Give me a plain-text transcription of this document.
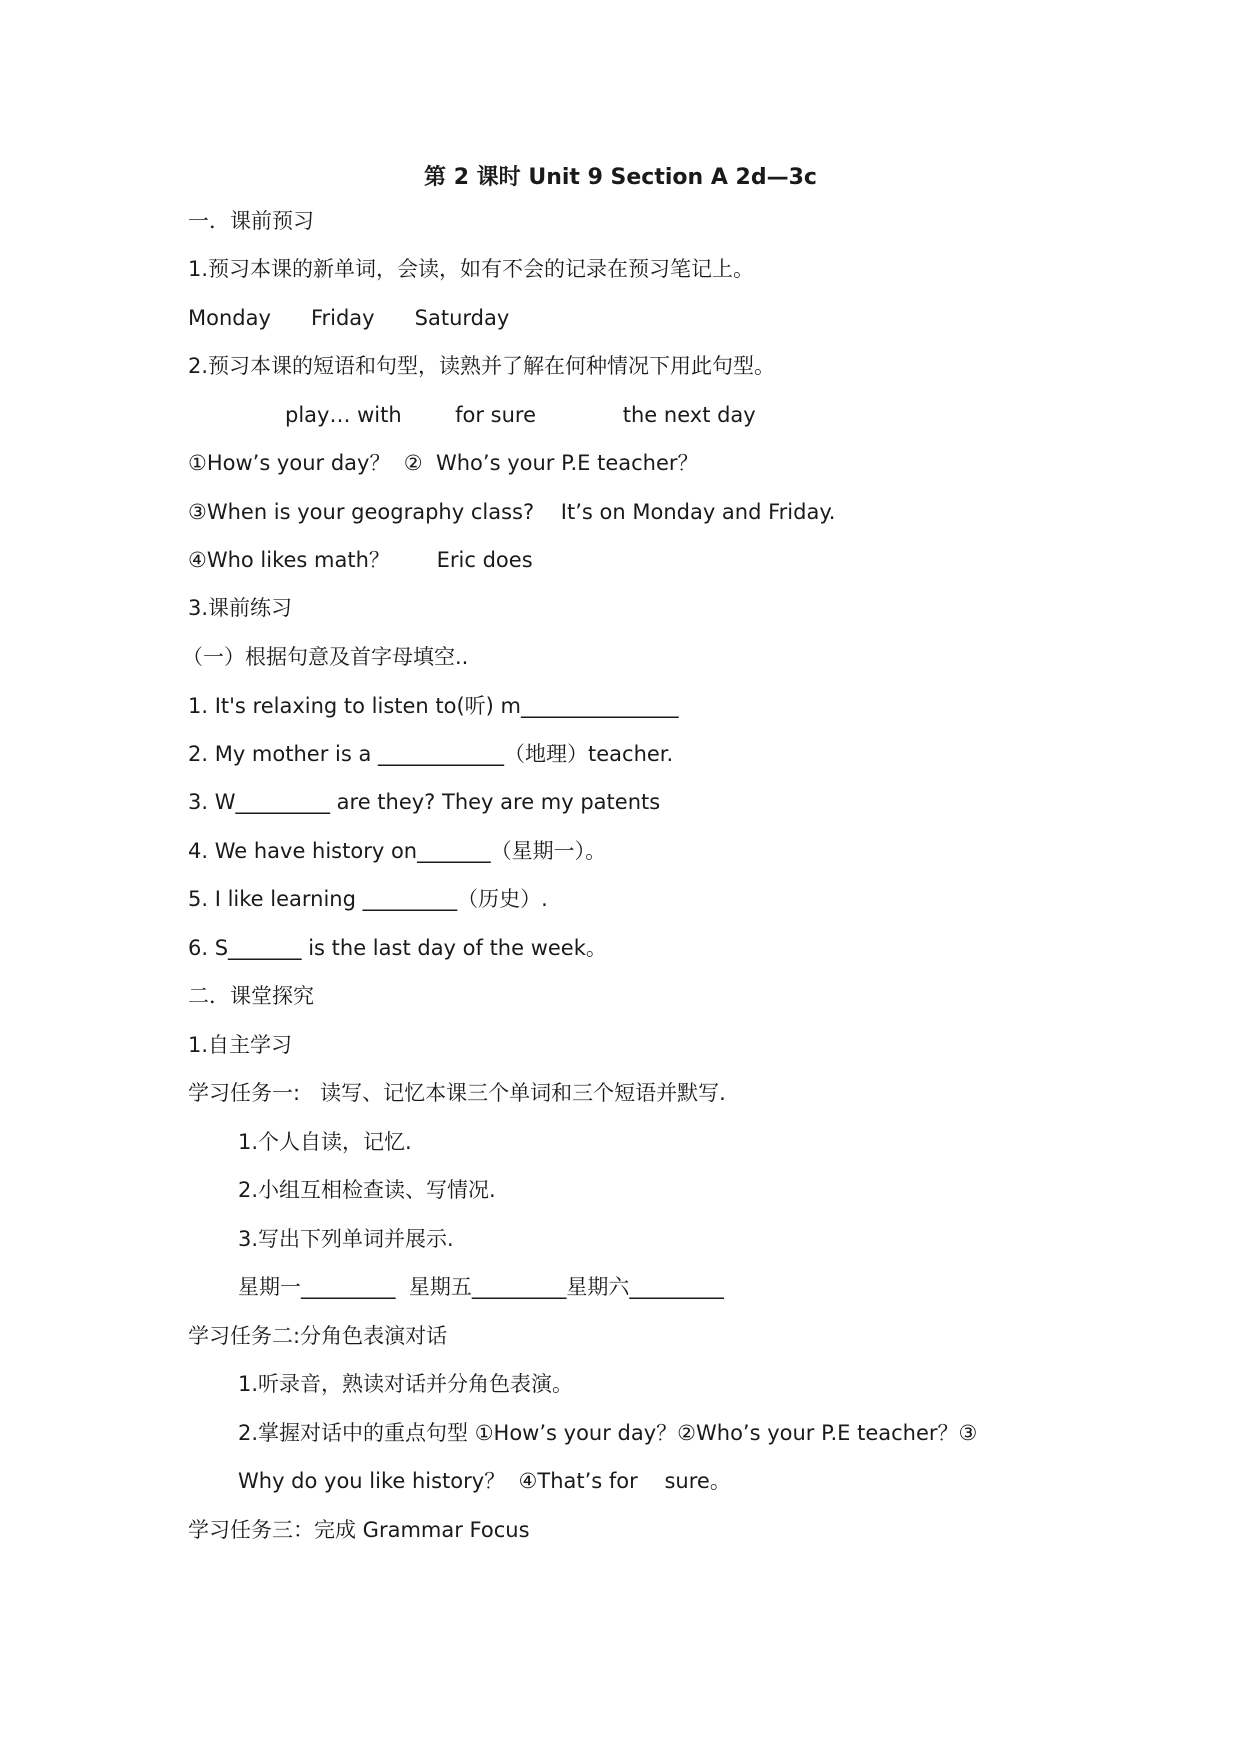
第 2 课时 Unit 9 Section A 2d—3c
一．课前预习
1.预习本课的新单词，会读，如有不会的记录在预习笔记上。
Monday      Friday      Saturday
2.预习本课的短语和句型，读熟并了解在何种情况下用此句型。
play… with        for sure             the next day
①How’s your day？  ②  Who’s your P.E teacher？
③When is your geography class?    It’s on Monday and Friday.
④Who likes math？       Eric does
3.课前练习
（一）根据句意及首字母填空..
1. It's relaxing to listen to(听) m_______________
2. My mother is a ____________（地理）teacher.
3. W_________ are they? They are my patents
4. We have history on_______（星期一）。
5. I like learning _________（历史）.
6. S_______ is the last day of the week。
二．课堂探究
1.自主学习
学习任务一:   读写、记忆本课三个单词和三个短语并默写.
1.个人自读，记忆.
2.小组互相检查读、写情况.
3.写出下列单词并展示.
星期一_________  星期五_________星期六_________
学习任务二:分角色表演对话
1.听录音，熟读对话并分角色表演。
2.掌握对话中的重点句型 ①How’s your day？②Who’s your P.E teacher？③
Why do you like history？  ④That’s for    sure。
学习任务三：完成 Grammar Focus
